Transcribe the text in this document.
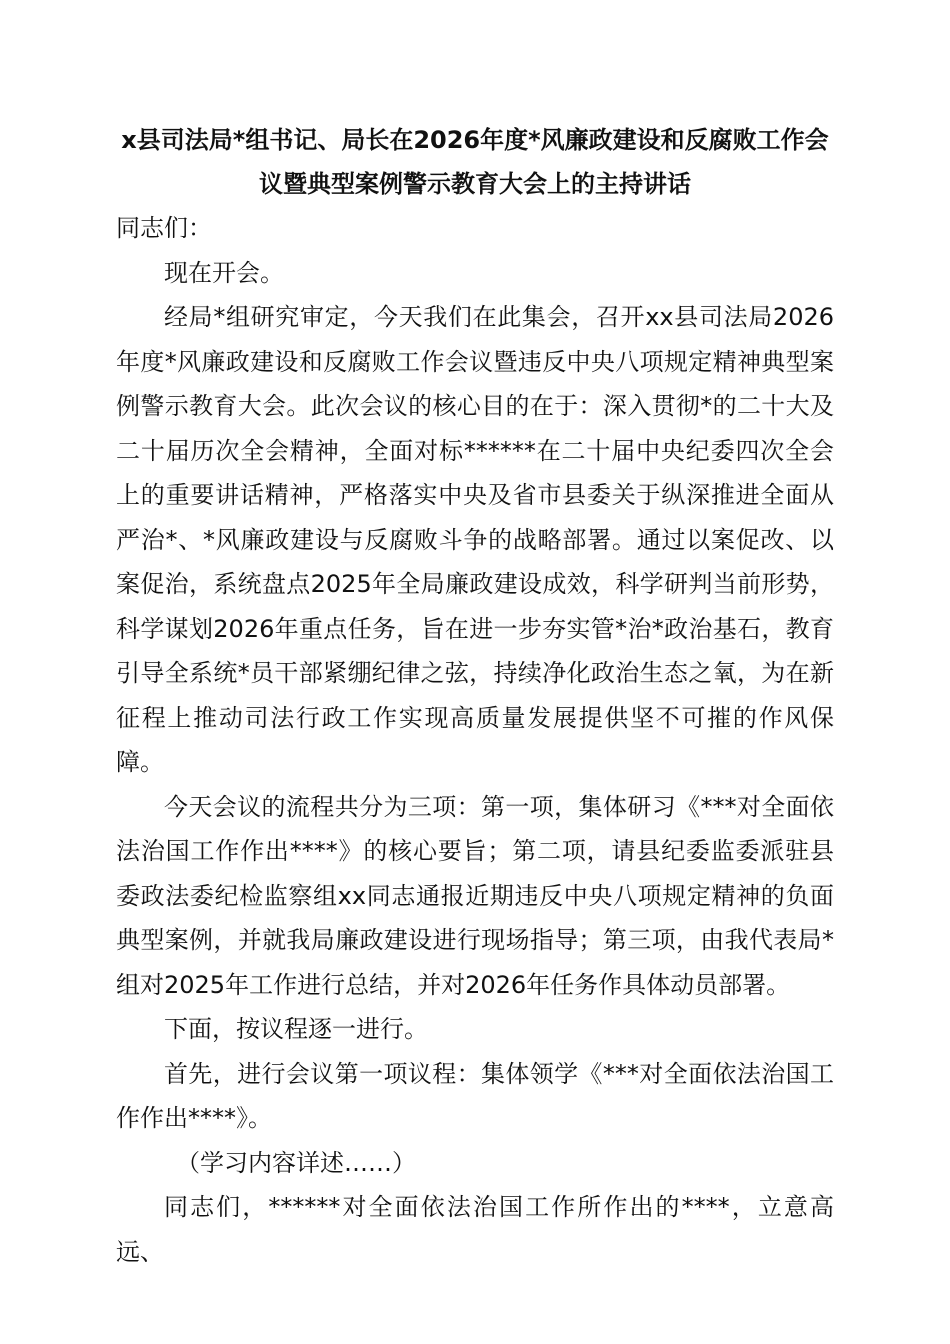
x县司法局*组书记、局长在2026年度*风廉政建设和反腐败工作会
议暨典型案例警示教育大会上的主持讲话

同志们：

现在开会。

经局*组研究审定，今天我们在此集会，召开xx县司法局2026年度*风廉政建设和反腐败工作会议暨违反中央八项规定精神典型案例警示教育大会。此次会议的核心目的在于：深入贯彻*的二十大及二十届历次全会精神，全面对标******在二十届中央纪委四次全会上的重要讲话精神，严格落实中央及省市县委关于纵深推进全面从严治*、*风廉政建设与反腐败斗争的战略部署。通过以案促改、以案促治，系统盘点2025年全局廉政建设成效，科学研判当前形势，科学谋划2026年重点任务，旨在进一步夯实管*治*政治基石，教育引导全系统*员干部紧绷纪律之弦，持续净化政治生态之氧，为在新征程上推动司法行政工作实现高质量发展提供坚不可摧的作风保障。

今天会议的流程共分为三项：第一项，集体研习《***对全面依法治国工作作出****》的核心要旨；第二项，请县纪委监委派驻县委政法委纪检监察组xx同志通报近期违反中央八项规定精神的负面典型案例，并就我局廉政建设进行现场指导；第三项，由我代表局*组对2025年工作进行总结，并对2026年任务作具体动员部署。

下面，按议程逐一进行。

首先，进行会议第一项议程：集体领学《***对全面依法治国工作作出****》。

（学习内容详述……）

同志们，******对全面依法治国工作所作出的****，立意高远、
